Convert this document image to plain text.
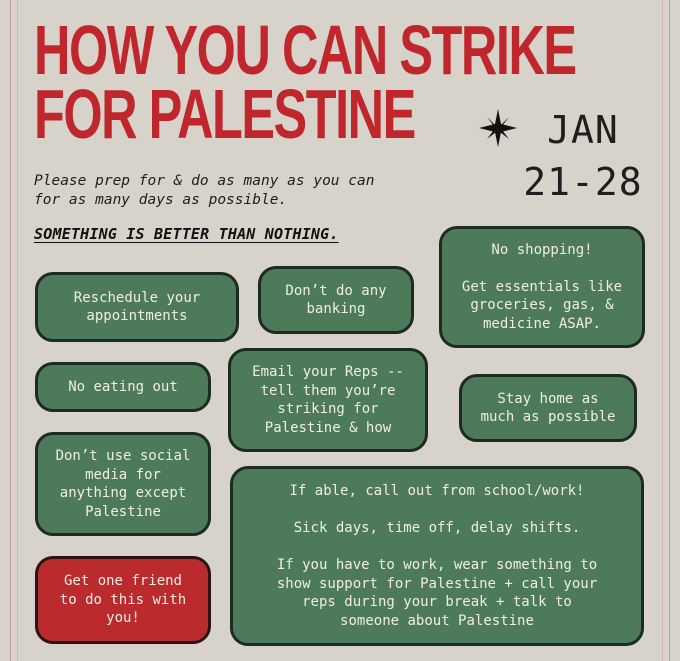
HOW YOU CAN STRIKE
FOR PALESTINE	JAN
21-28

Please prep for & do as many as you can
for as many days as possible.

SOMETHING IS BETTER THAN NOTHING.

Reschedule your
appointments
Don’t do any
banking
No shopping!

Get essentials like
groceries, gas, &
medicine ASAP.
No eating out
Email your Reps --
tell them you’re
striking for
Palestine & how
Stay home as
much as possible
Don’t use social
media for
anything except
Palestine
If able, call out from school/work!

Sick days, time off, delay shifts.

If you have to work, wear something to
show support for Palestine + call your
reps during your break + talk to
someone about Palestine
Get one friend
to do this with
you!
